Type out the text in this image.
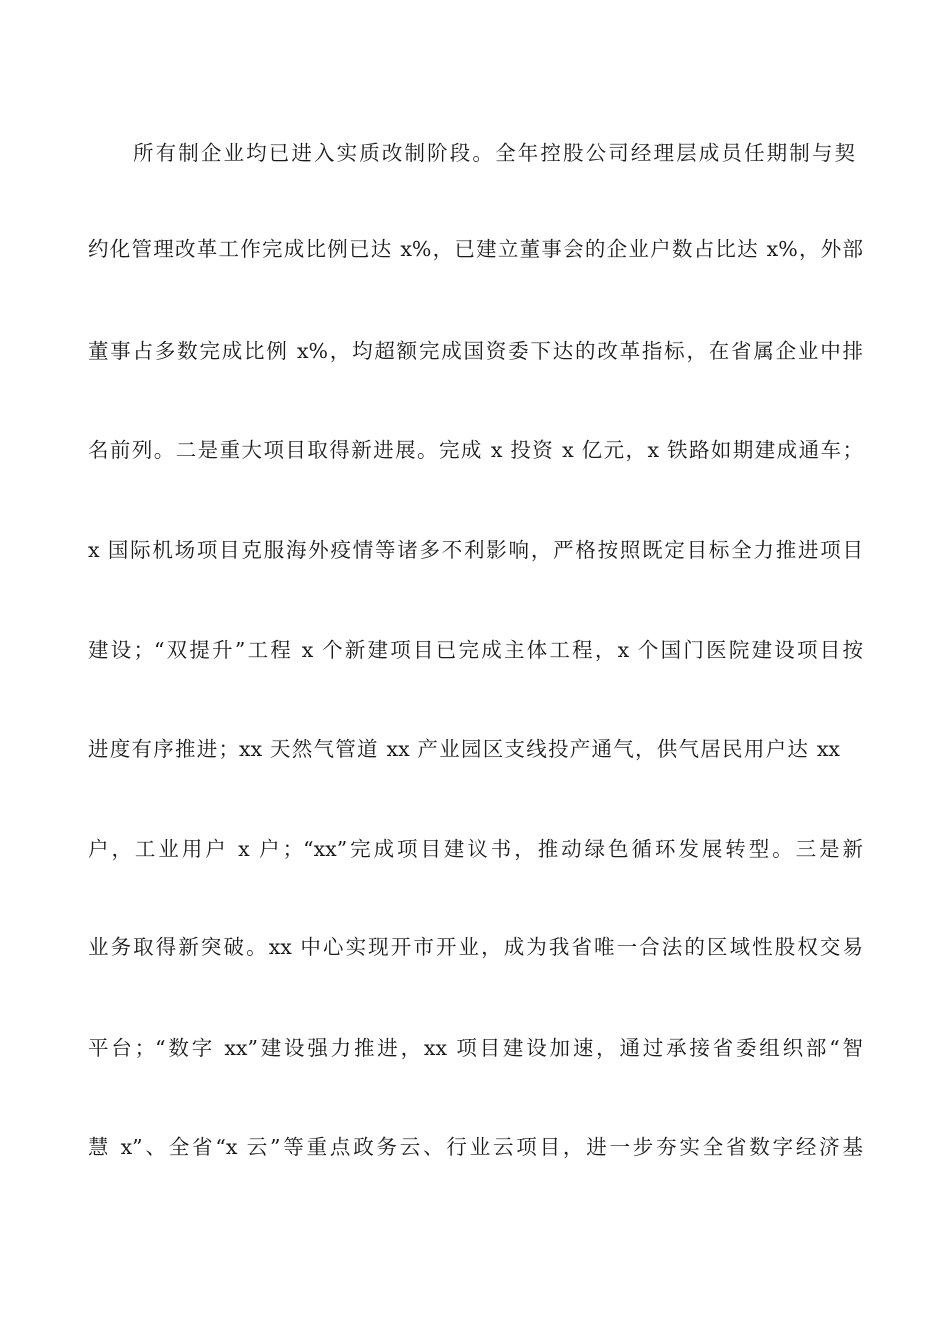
所有制企业均已进入实质改制阶段。全年控股公司经理层成员任期制与契
约化管理改革工作完成比例已达 x%，已建立董事会的企业户数占比达 x%，外部
董事占多数完成比例 x%，均超额完成国资委下达的改革指标，在省属企业中排
名前列。二是重大项目取得新进展。完成 x 投资 x 亿元，x 铁路如期建成通车；
x 国际机场项目克服海外疫情等诸多不利影响，严格按照既定目标全力推进项目
建设；“双提升”工程 x 个新建项目已完成主体工程，x 个国门医院建设项目按
进度有序推进；xx 天然气管道 xx 产业园区支线投产通气，供气居民用户达 xx
户，工业用户 x 户；“xx”完成项目建议书，推动绿色循环发展转型。三是新
业务取得新突破。xx 中心实现开市开业，成为我省唯一合法的区域性股权交易
平台；“数字 xx”建设强力推进，xx 项目建设加速，通过承接省委组织部“智
慧 x”、全省“x 云”等重点政务云、行业云项目，进一步夯实全省数字经济基
